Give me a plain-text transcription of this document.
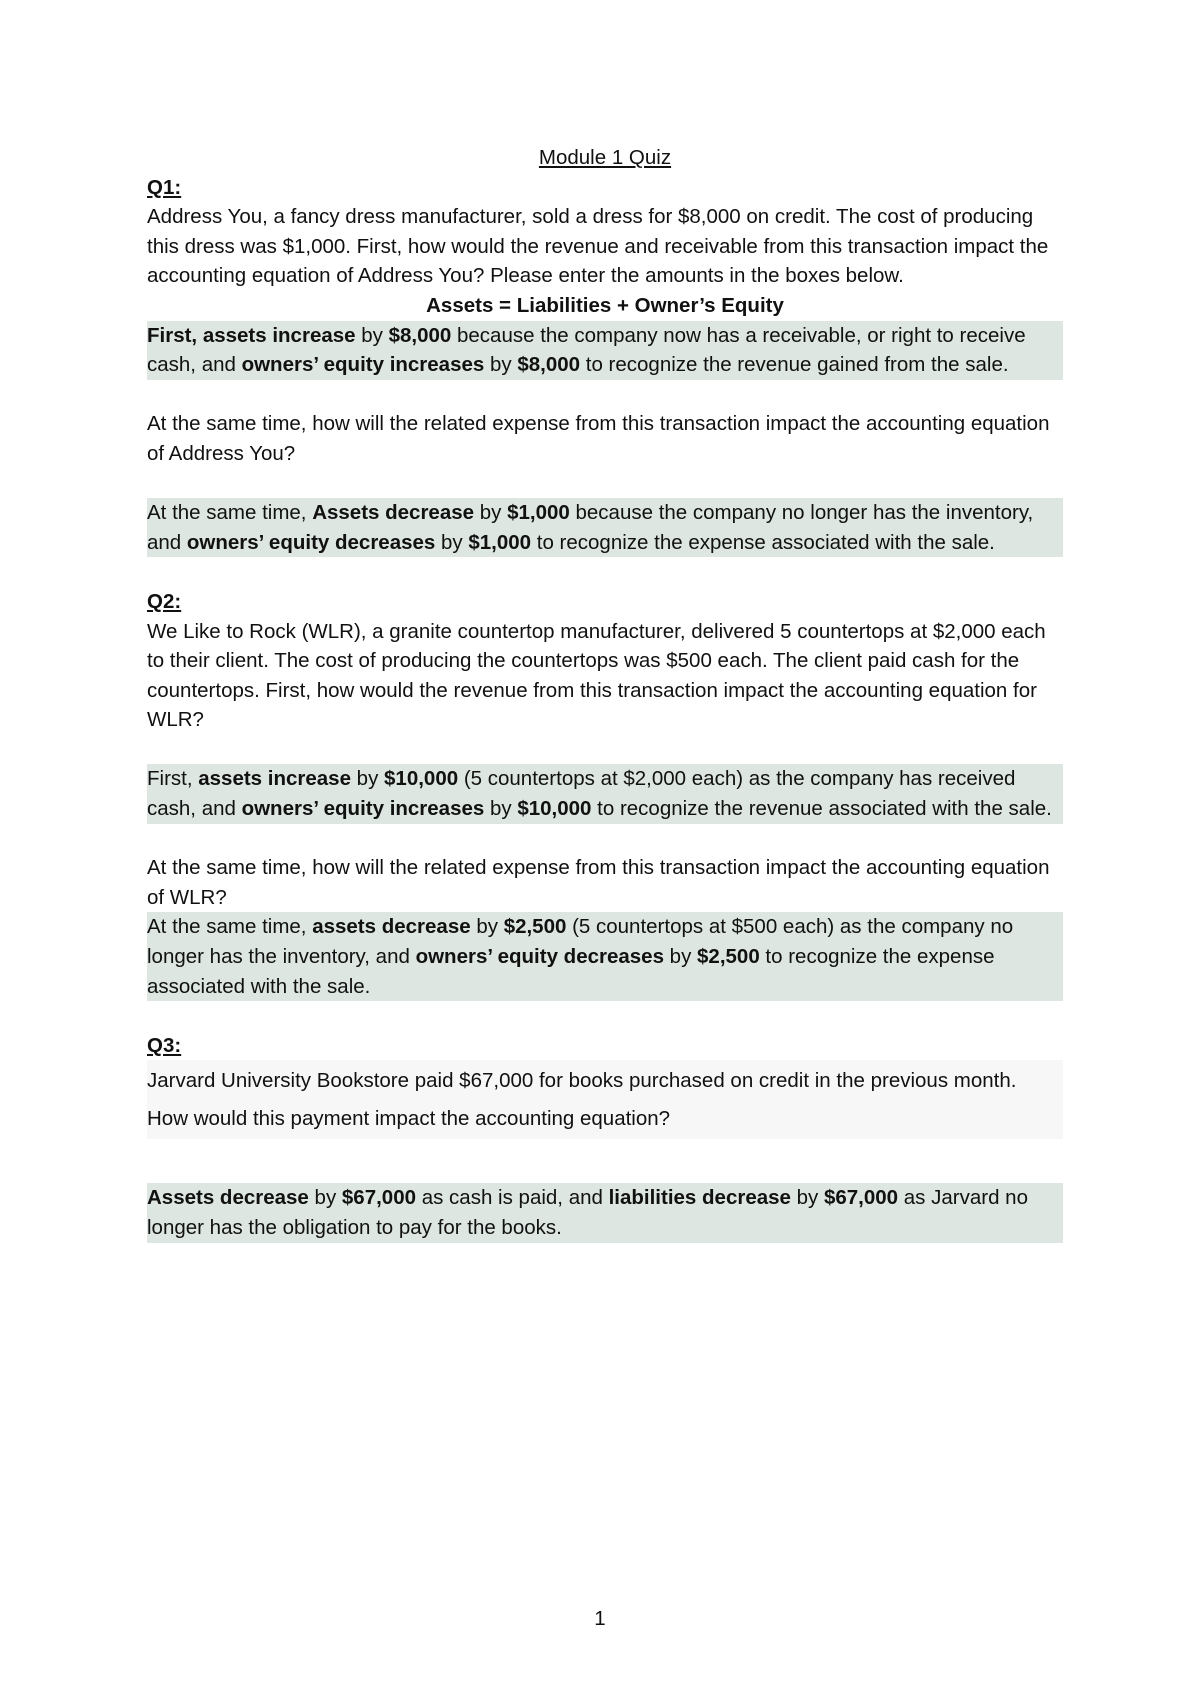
Module 1 Quiz

Q1:

Address You, a fancy dress manufacturer, sold a dress for $8,000 on credit. The cost of producing this dress was $1,000. First, how would the revenue and receivable from this transaction impact the accounting equation of Address You? Please enter the amounts in the boxes below.

Assets = Liabilities + Owner’s Equity

First, assets increase by $8,000 because the company now has a receivable, or right to receive cash, and owners’ equity increases by $8,000 to recognize the revenue gained from the sale.

At the same time, how will the related expense from this transaction impact the accounting equation of Address You?

At the same time, Assets decrease by $1,000 because the company no longer has the inventory, and owners’ equity decreases by $1,000 to recognize the expense associated with the sale.

Q2:

We Like to Rock (WLR), a granite countertop manufacturer, delivered 5 countertops at $2,000 each to their client. The cost of producing the countertops was $500 each. The client paid cash for the countertops. First, how would the revenue from this transaction impact the accounting equation for WLR?

First, assets increase by $10,000 (5 countertops at $2,000 each) as the company has received cash, and owners’ equity increases by $10,000 to recognize the revenue associated with the sale.

At the same time, how will the related expense from this transaction impact the accounting equation of WLR?

At the same time, assets decrease by $2,500 (5 countertops at $500 each) as the company no longer has the inventory, and owners’ equity decreases by $2,500 to recognize the expense associated with the sale.

Q3:

Jarvard University Bookstore paid $67,000 for books purchased on credit in the previous month. How would this payment impact the accounting equation?

Assets decrease by $67,000 as cash is paid, and liabilities decrease by $67,000 as Jarvard no longer has the obligation to pay for the books.

1
